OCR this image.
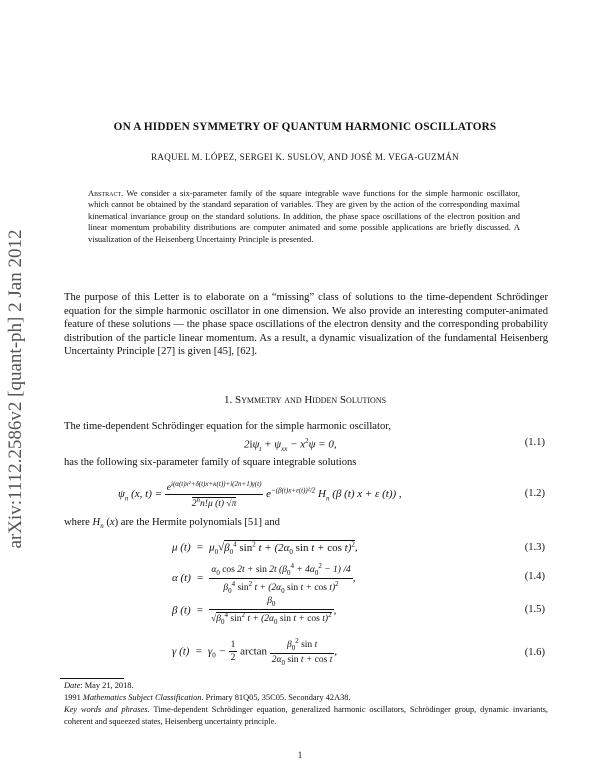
arXiv:1112.2586v2 [quant-ph] 2 Jan 2012
ON A HIDDEN SYMMETRY OF QUANTUM HARMONIC OSCILLATORS
RAQUEL M. LÓPEZ, SERGEI K. SUSLOV, AND JOSÉ M. VEGA-GUZMÁN
Abstract. We consider a six-parameter family of the square integrable wave functions for the simple harmonic oscillator, which cannot be obtained by the standard separation of variables. They are given by the action of the corresponding maximal kinematical invariance group on the standard solutions. In addition, the phase space oscillations of the electron position and linear momentum probability distributions are computer animated and some possible applications are briefly discussed. A visualization of the Heisenberg Uncertainty Principle is presented.
The purpose of this Letter is to elaborate on a “missing” class of solutions to the time-dependent Schrödinger equation for the simple harmonic oscillator in one dimension. We also provide an interesting computer-animated feature of these solutions — the phase space oscillations of the electron density and the corresponding probability distribution of the particle linear momentum. As a result, a dynamic visualization of the fundamental Heisenberg Uncertainty Principle [27] is given [45], [62].
1. Symmetry and Hidden Solutions
The time-dependent Schrödinger equation for the simple harmonic oscillator,
$2i\psi_t + \psi_{xx} - x^2\psi = 0$,	(1.1)
has the following six-parameter family of square integrable solutions
$\psi_n$ (x, $t) = \frac{e^{i(\alpha(t)x^2+\delta(t)x+\kappa(t))+i(2n+1)\gamma(t)}}{2^nn!\mu (t) √\pi} e^{-(\beta(t)x+\varepsilon(t))^2/2}$ $H_n$ (β (t) x + ε (t)) ,	(1.2)
where $H_n$ (x) are the Hermite polynomials [51] and
μ $(t) = \mu_0√\beta_0^4$ $\sin^2 t + (2\alpha_0$ sin t + cos t)$^2$,	(1.3)
α $(t) = \frac{\alpha_0 \cos 2t + \sin 2t (\beta_0^4 + 4\alpha_0^2 - 1) /4}{\beta_0^4 \sin^2 t + (2\alpha_0 \sin t + \cos t)^2}$ ,	(1.4)
β $(t) = \frac{\beta_0}{√\beta_0^4 \sin^2 t + (2\alpha_0 \sin t + \cos t)^2}$ ,	(1.5)
γ $(t) = \gamma_0 - \frac{1}{2}$ $\arctan \frac{\beta_0^2 \sin t}{2\alpha_0 \sin t + \cos t}$ ,	(1.6)
Date: May 21, 2018.
1991 Mathematics Subject Classification. Primary 81Q05, 35C05. Secondary 42A38.
Key words and phrases. Time-dependent Schrödinger equation, generalized harmonic oscillators, Schrödinger group, dynamic invariants, coherent and squeezed states, Heisenberg uncertainty principle.
1
